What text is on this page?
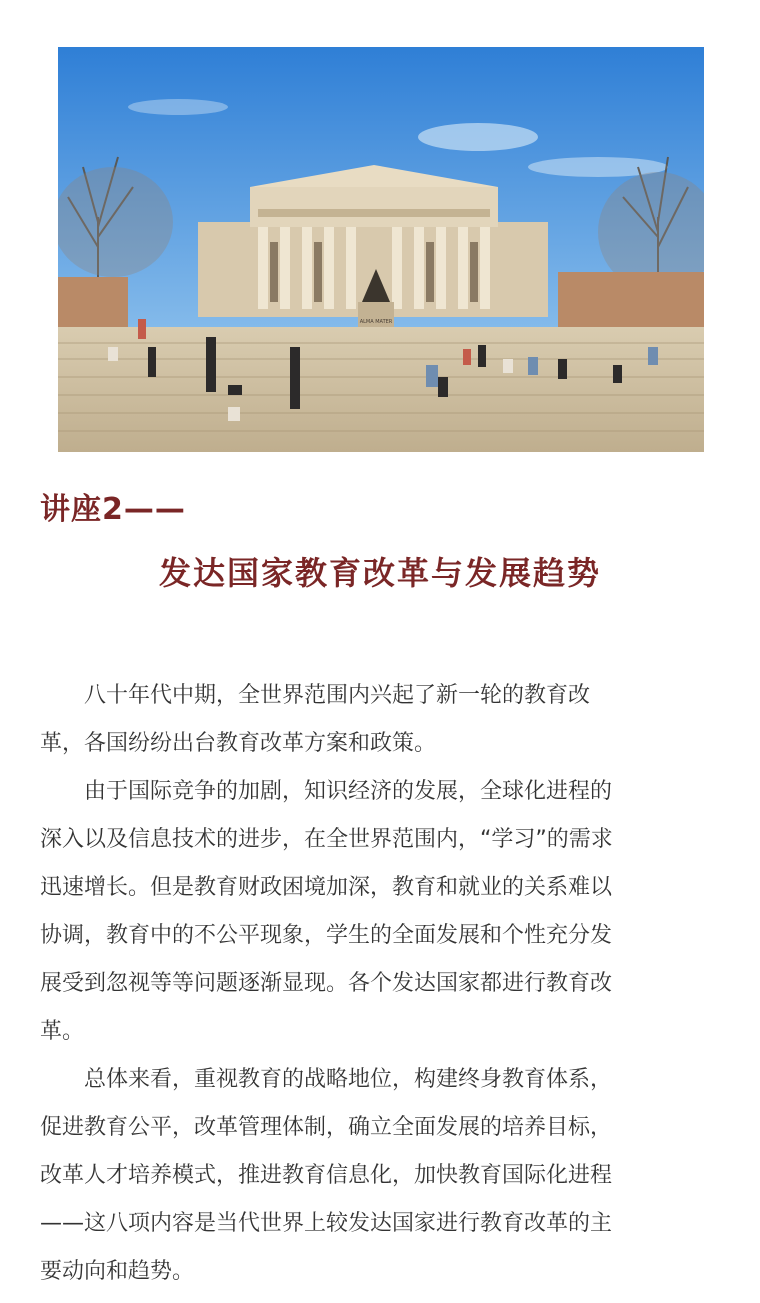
ALMA MATER
讲座2——
发达国家教育改革与发展趋势
　　八十年代中期，全世界范围内兴起了新一轮的教育改
革，各国纷纷出台教育改革方案和政策。
　　由于国际竞争的加剧，知识经济的发展，全球化进程的
深入以及信息技术的进步，在全世界范围内，“学习”的需求
迅速增长。但是教育财政困境加深，教育和就业的关系难以
协调，教育中的不公平现象，学生的全面发展和个性充分发
展受到忽视等等问题逐渐显现。各个发达国家都进行教育改
革。
　　总体来看，重视教育的战略地位，构建终身教育体系，
促进教育公平，改革管理体制，确立全面发展的培养目标，
改革人才培养模式，推进教育信息化，加快教育国际化进程
——这八项内容是当代世界上较发达国家进行教育改革的主
要动向和趋势。
